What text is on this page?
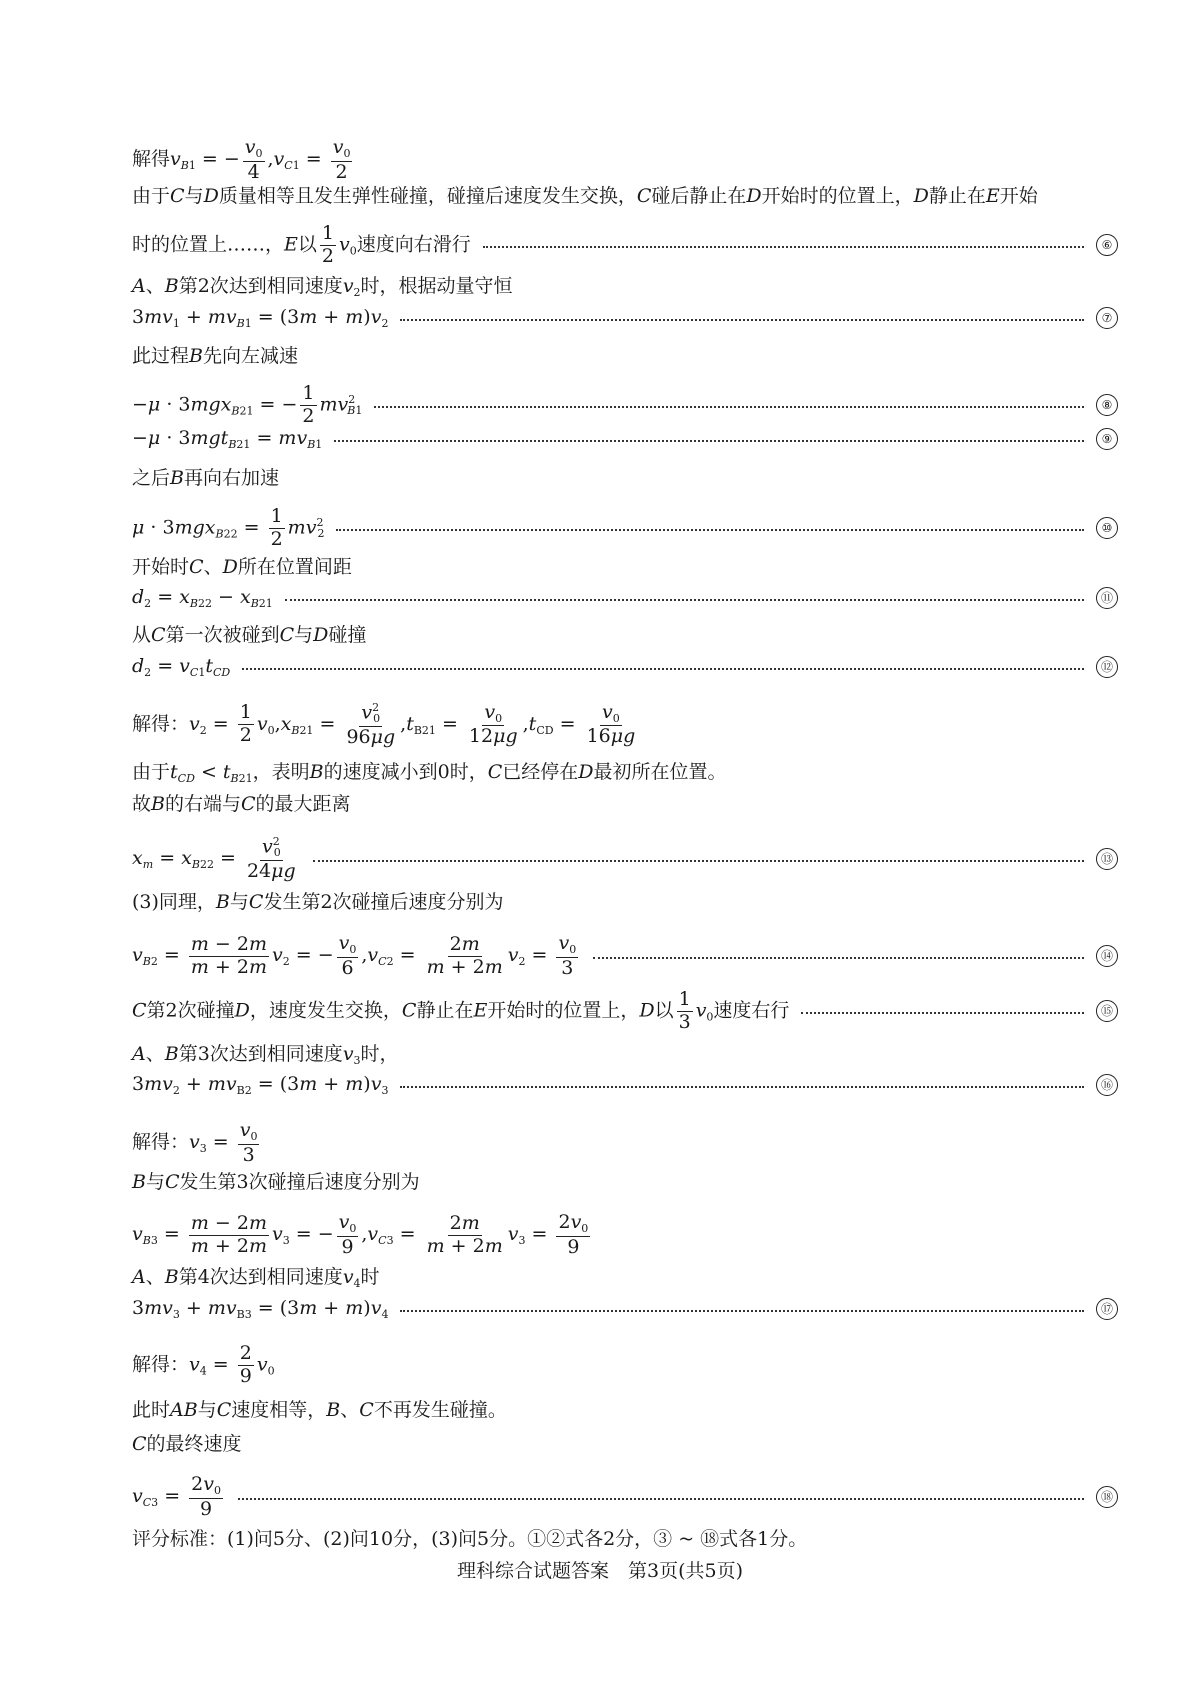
解得$v_{B1}$ = − $\frac{v_0}{4} ,v_{C1} = \frac{v_0}{2}$
由于C与D质量相等且发生弹性碰撞，碰撞后速度发生交换，C碰后静止在D开始时的位置上，D静止在E开始
时的位置上……，E以 $\frac{1}{2} v_0$速度向右滑行	⑥
A、B第2次达到相同速度$v_2$时，根据动量守恒
$3mv_1 + mv_{B1} = (3m + m)v_2$	⑦
此过程B先向左减速
−μ · 3mgx$_{B21}$ = − $\frac{1}{2} mv^2_{B1}$	⑧
$-\mu \cdot 3mgt_{B21} = mv_{B1}$	⑨
之后B再向右加速
$\mu \cdot 3mgx_{B22} = \frac{1}{2} mv^2_2$	⑩
开始时C、D所在位置间距
$d_2 = x_{B22} - x_{B21}$	⑪
从C第一次被碰到C与D碰撞
$d_2 = v_{C1}t_{CD}$	⑫
解得：$v_2 = \frac{1}{2} v_0,x_{B21} = \frac{v^2_0}{96\mu g} ,t_{B21} = \frac{v_0}{12\mu g} ,t_{CD} = \frac{v_0}{16\mu g}$
由于$t_{CD} < t_{B21}$，表明B的速度减小到0时，C已经停在D最初所在位置。
故B的右端与C的最大距离
$x_m = x_{B22} = \frac{v^2_0}{24\mu g}$	⑬
(3)同理，B与C发生第2次碰撞后速度分别为
$v_{B2} = \frac{m - 2m}{m + 2m} v_2$ = − $\frac{v_0}{6} ,v_{C2} = \frac{2m}{m + 2m} v_2 = \frac{v_0}{3}$	⑭
C第2次碰撞D，速度发生交换，C静止在E开始时的位置上，D以 $\frac{1}{3} v_0$速度右行	⑮
A、B第3次达到相同速度$v_3$时，
$3mv_2 + mv_{B2} = (3m + m)v_3$	⑯
解得：$v_3 = \frac{v_0}{3}$
B与C发生第3次碰撞后速度分别为
$v_{B3} = \frac{m - 2m}{m + 2m} v_3$ = − $\frac{v_0}{9} ,v_{C3} = \frac{2m}{m + 2m} v_3 = \frac{2v_0}{9}$
A、B第4次达到相同速度$v_4$时
$3mv_3 + mv_{B3} = (3m + m)v_4$	⑰
解得：$v_4 = \frac{2}{9} v_0$
此时AB与C速度相等，B、C不再发生碰撞。
C的最终速度
$v_{C3} = \frac{2v_0}{9}$	⑱
评分标准：(1)问5分、(2)问10分，(3)问5分。①②式各2分，③ ~ ⑱式各1分。
理科综合试题答案　第3页(共5页)
